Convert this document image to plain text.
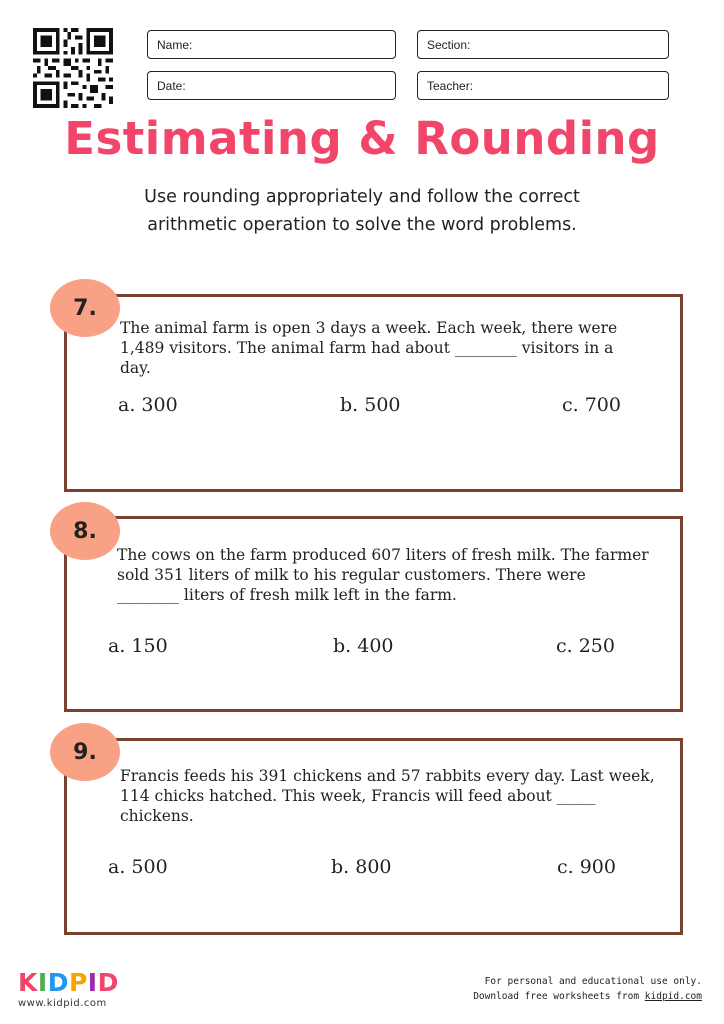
Name:	Section:
Date:	Teacher:
Estimating & Rounding
Use rounding appropriately and follow the correct
arithmetic operation to solve the word problems.
7.
The animal farm is open 3 days a week. Each week, there were
1,489 visitors. The animal farm had about ________ visitors in a
day.
a. 300	b. 500	c. 700
8.
The cows on the farm produced 607 liters of fresh milk. The farmer
sold 351 liters of milk to his regular customers. There were
________ liters of fresh milk left in the farm.
a. 150	b. 400	c. 250
9.
Francis feeds his 391 chickens and 57 rabbits every day. Last week,
114 chicks hatched. This week, Francis will feed about _____
chickens.
a. 500	b. 800	c. 900
KIDPID
www.kidpid.com
For personal and educational use only.
Download free worksheets from kidpid.com
